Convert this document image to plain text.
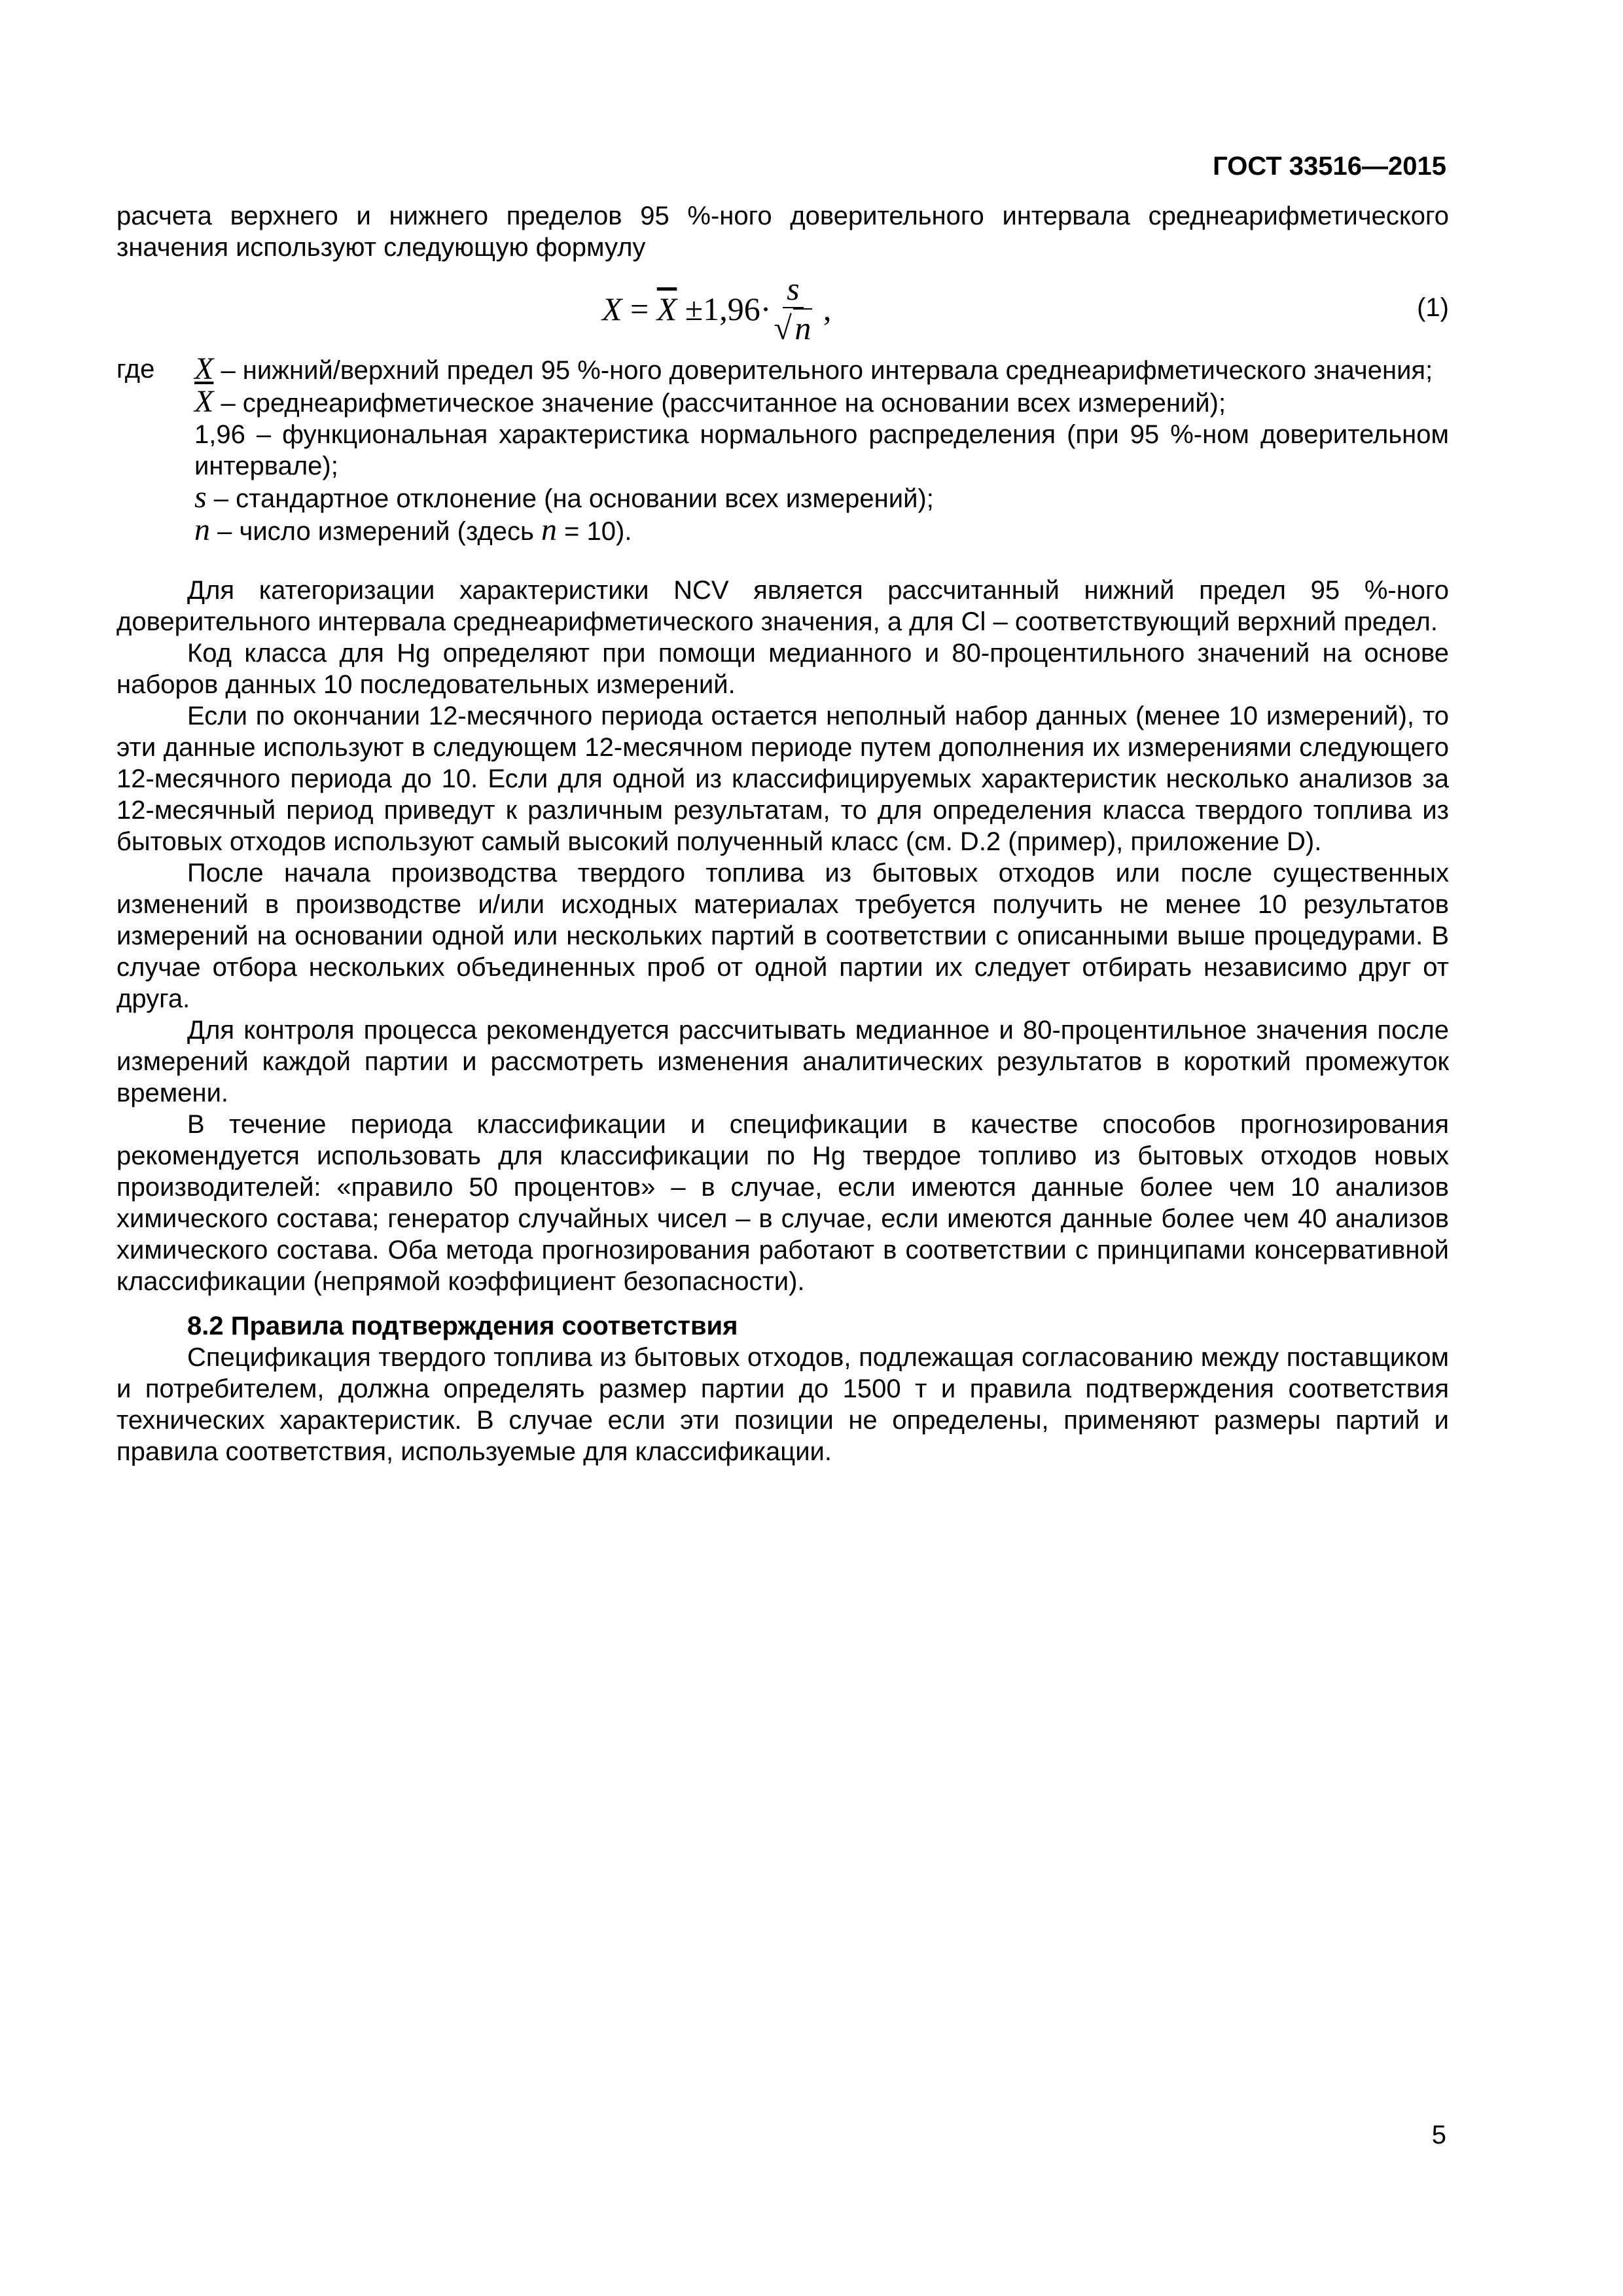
ГОСТ 33516—2015

расчета верхнего и нижнего пределов 95 %-ного доверительного интервала среднеарифметического значения используют следующую формулу

$X = \overline{X} \pm 1,96\cdot \frac{s}{√ n}$ ,	(1)
где X – нижний/верхний предел 95 %-ного доверительного интервала среднеарифметического значения;

$\overline{X}$ – среднеарифметическое значение (рассчитанное на основании всех измерений);

1,96 – функциональная характеристика нормального распределения (при 95 %-ном доверительном интервале);

s – стандартное отклонение (на основании всех измерений);

n – число измерений (здесь n = 10).

Для категоризации характеристики NCV является рассчитанный нижний предел 95 %-ного доверительного интервала среднеарифметического значения, а для Cl – соответствующий верхний предел.

Код класса для Hg определяют при помощи медианного и 80-процентильного значений на основе наборов данных 10 последовательных измерений.

Если по окончании 12-месячного периода остается неполный набор данных (менее 10 измерений), то эти данные используют в следующем 12-месячном периоде путем дополнения их измерениями следующего 12-месячного периода до 10. Если для одной из классифицируемых характеристик несколько анализов за 12-месячный период приведут к различным результатам, то для определения класса твердого топлива из бытовых отходов используют самый высокий полученный класс (см. D.2 (пример), приложение D).

После начала производства твердого топлива из бытовых отходов или после существенных изменений в производстве и/или исходных материалах требуется получить не менее 10 результатов измерений на основании одной или нескольких партий в соответствии с описанными выше процедурами. В случае отбора нескольких объединенных проб от одной партии их следует отбирать независимо друг от друга.

Для контроля процесса рекомендуется рассчитывать медианное и 80-процентильное значения после измерений каждой партии и рассмотреть изменения аналитических результатов в короткий промежуток времени.

В течение периода классификации и спецификации в качестве способов прогнозирования рекомендуется использовать для классификации по Hg твердое топливо из бытовых отходов новых производителей: «правило 50 процентов» – в случае, если имеются данные более чем 10 анализов химического состава; генератор случайных чисел – в случае, если имеются данные более чем 40 анализов химического состава. Оба метода прогнозирования работают в соответствии с принципами консервативной классификации (непрямой коэффициент безопасности).

8.2 Правила подтверждения соответствия

Спецификация твердого топлива из бытовых отходов, подлежащая согласованию между поставщиком и потребителем, должна определять размер партии до 1500 т и правила подтверждения соответствия технических характеристик. В случае если эти позиции не определены, применяют размеры партий и правила соответствия, используемые для классификации.

5
